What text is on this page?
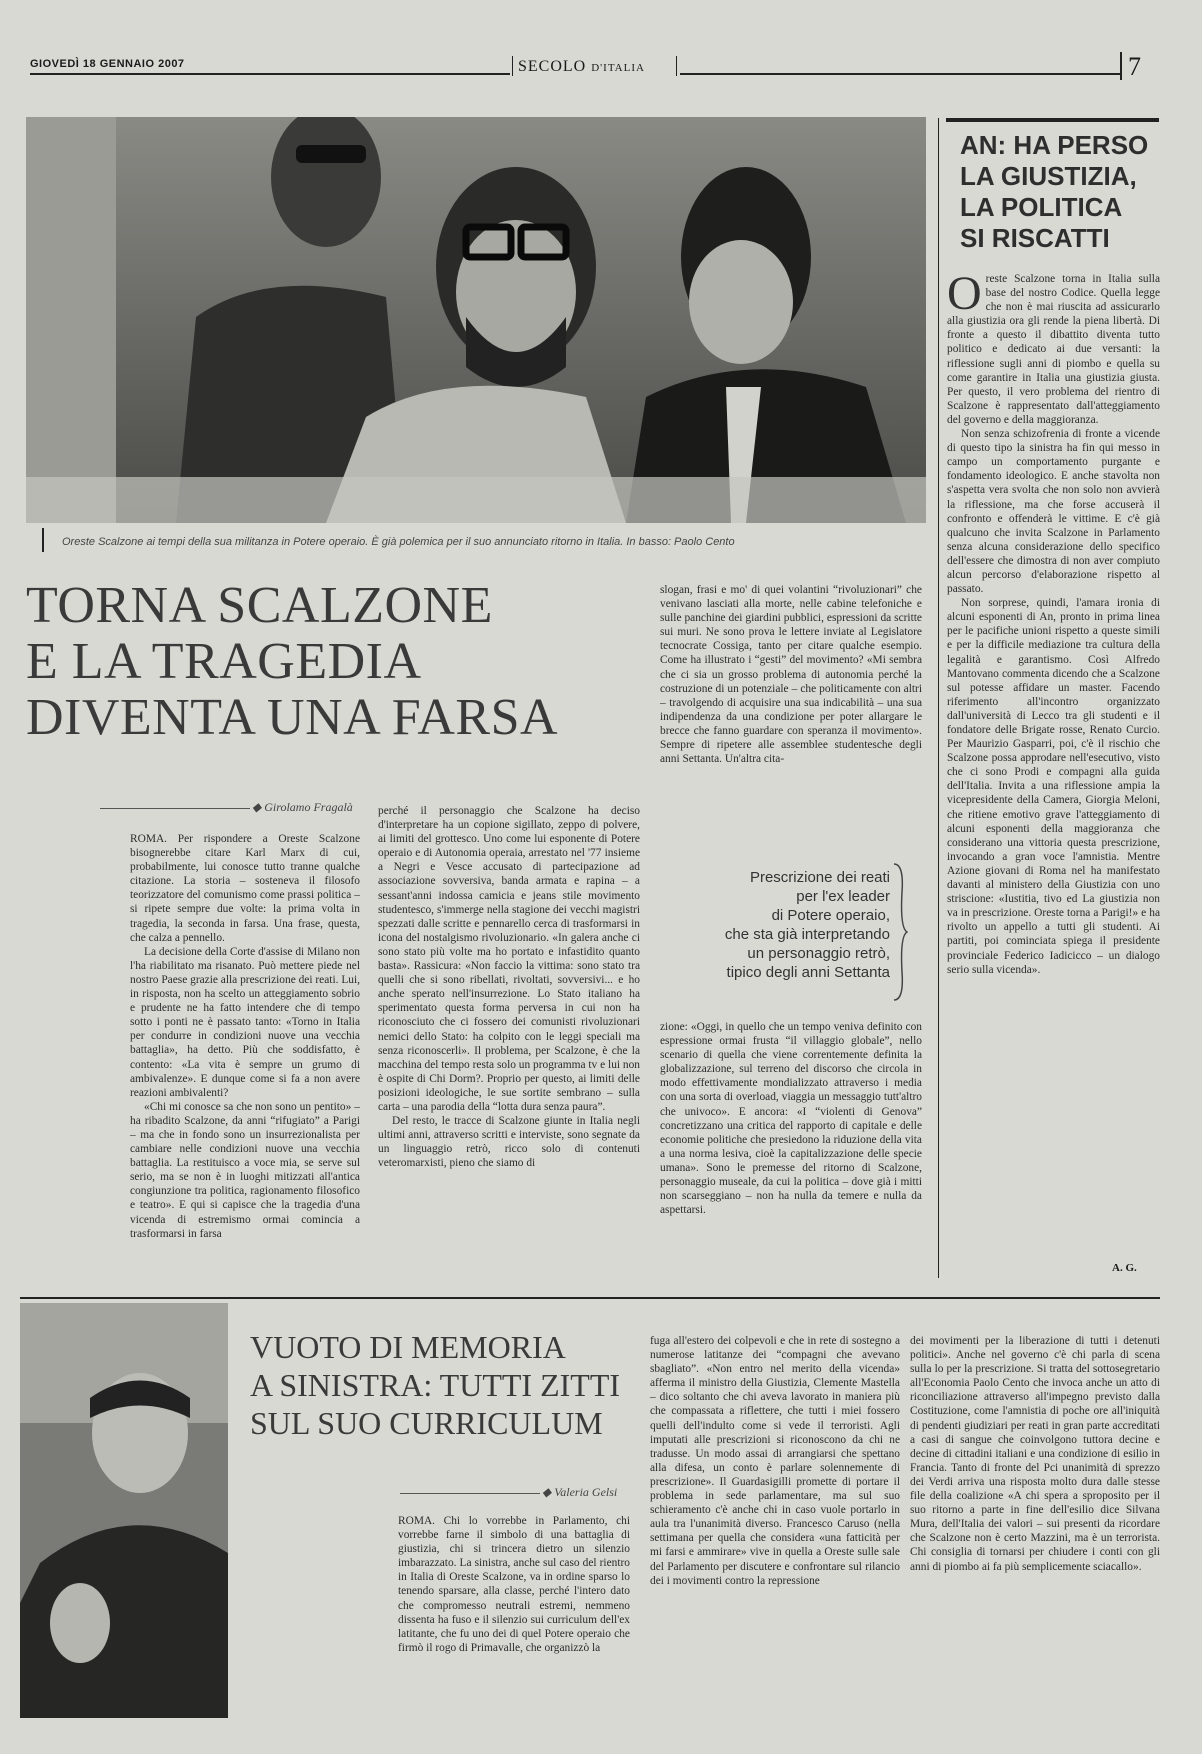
GIOVEDÌ 18 GENNAIO 2007	SECOLO D'ITALIA	7
Oreste Scalzone ai tempi della sua militanza in Potere operaio. È già polemica per il suo annunciato ritorno in Italia. In basso: Paolo Cento
TORNA SCALZONE
E LA TRAGEDIA
DIVENTA UNA FARSA
◆ Girolamo Fragalà

ROMA. Per rispondere a Oreste Scalzone bisognerebbe citare Karl Marx di cui, probabilmente, lui conosce tutto tranne qualche citazione. La storia – sosteneva il filosofo teorizzatore del comunismo come prassi politica – si ripete sempre due volte: la prima volta in tragedia, la seconda in farsa. Una frase, questa, che calza a pennello.

La decisione della Corte d'assise di Milano non l'ha riabilitato ma risanato. Può mettere piede nel nostro Paese grazie alla prescrizione dei reati. Lui, in risposta, non ha scelto un atteggiamento sobrio e prudente ne ha fatto intendere che di tempo sotto i ponti ne è passato tanto: «Torno in Italia per condurre in condizioni nuove una vecchia battaglia», ha detto. Più che soddisfatto, è contento: «La vita è sempre un grumo di ambivalenze». E dunque come si fa a non avere reazioni ambivalenti?

«Chi mi conosce sa che non sono un pentito» – ha ribadito Scalzone, da anni “rifugiato” a Parigi – ma che in fondo sono un insurrezionalista per cambiare nelle condizioni nuove una vecchia battaglia. La restituisco a voce mia, se serve sul serio, ma se non è in luoghi mitizzati all'antica congiunzione tra politica, ragionamento filosofico e teatro». E qui si capisce che la tragedia d'una vicenda di estremismo ormai comincia a trasformarsi in farsa

perché il personaggio che Scalzone ha deciso d'interpretare ha un copione sigillato, zeppo di polvere, ai limiti del grottesco. Uno come lui esponente di Potere operaio e di Autonomia operaia, arrestato nel '77 insieme a Negri e Vesce accusato di partecipazione ad associazione sovversiva, banda armata e rapina – a sessant'anni indossa camicia e jeans stile movimento studentesco, s'immerge nella stagione dei vecchi magistri spezzati dalle scritte e pennarello cerca di trasformarsi in icona del nostalgismo rivoluzionario. «In galera anche ci sono stato più volte ma ho portato e infastidito quanto basta». Rassicura: «Non faccio la vittima: sono stato tra quelli che si sono ribellati, rivoltati, sovversivi... e ho anche sperato nell'insurrezione. Lo Stato italiano ha sperimentato questa forma perversa in cui non ha riconosciuto che ci fossero dei comunisti rivoluzionari nemici dello Stato: ha colpito con le leggi speciali ma senza riconoscerli». Il problema, per Scalzone, è che la macchina del tempo resta solo un programma tv e lui non è ospite di Chi Dorm?. Proprio per questo, ai limiti delle posizioni ideologiche, le sue sortite sembrano – sulla carta – una parodia della “lotta dura senza paura”.

Del resto, le tracce di Scalzone giunte in Italia negli ultimi anni, attraverso scritti e interviste, sono segnate da un linguaggio retrò, ricco solo di contenuti veteromarxisti, pieno che siamo di

slogan, frasi e mo' di quei volantini “rivoluzionari” che venivano lasciati alla morte, nelle cabine telefoniche e sulle panchine dei giardini pubblici, espressioni da scritte sui muri. Ne sono prova le lettere inviate al Legislatore tecnocrate Cossiga, tanto per citare qualche esempio. Come ha illustrato i “gesti” del movimento? «Mi sembra che ci sia un grosso problema di autonomia perché la costruzione di un potenziale – che politicamente con altri – travolgendo di acquisire una sua indicabilità – una sua indipendenza da una condizione per poter allargare le brecce che fanno guardare con speranza il movimento». Sempre di ripetere alle assemblee studentesche degli anni Settanta. Un'altra cita-

Prescrizione dei reati
per l'ex leader
di Potere operaio,
che sta già interpretando
un personaggio retrò,
tipico degli anni Settanta

zione: «Oggi, in quello che un tempo veniva definito con espressione ormai frusta “il villaggio globale”, nello scenario di quella che viene correntemente definita la globalizzazione, sul terreno del discorso che circola in modo effettivamente mondializzato attraverso i media con una sorta di overload, viaggia un messaggio tutt'altro che univoco». E ancora: «I “violenti di Genova” concretizzano una critica del rapporto di capitale e delle economie politiche che presiedono la riduzione della vita a una norma lesiva, cioè la capitalizzazione delle specie umana». Sono le premesse del ritorno di Scalzone, personaggio museale, da cui la politica – dove già i mitti non scarseggiano – non ha nulla da temere e nulla da aspettarsi.

AN: HA PERSO
LA GIUSTIZIA,
LA POLITICA
SI RISCATTI

Oreste Scalzone torna in Italia sulla base del nostro Codice. Quella legge che non è mai riuscita ad assicurarlo alla giustizia ora gli rende la piena libertà. Di fronte a questo il dibattito diventa tutto politico e dedicato ai due versanti: la riflessione sugli anni di piombo e quella su come garantire in Italia una giustizia giusta. Per questo, il vero problema del rientro di Scalzone è rappresentato dall'atteggiamento del governo e della maggioranza.

Non senza schizofrenia di fronte a vicende di questo tipo la sinistra ha fin qui messo in campo un comportamento purgante e fondamento ideologico. E anche stavolta non s'aspetta vera svolta che non solo non avvierà la riflessione, ma che forse accuserà il confronto e offenderà le vittime. E c'è già qualcuno che invita Scalzone in Parlamento senza alcuna considerazione dello specifico dell'essere che dimostra di non aver compiuto alcun percorso d'elaborazione rispetto al passato.

Non sorprese, quindi, l'amara ironia di alcuni esponenti di An, pronto in prima linea per le pacifiche unioni rispetto a queste simili e per la difficile mediazione tra cultura della legalità e garantismo. Così Alfredo Mantovano commenta dicendo che a Scalzone sul potesse affidare un master. Facendo riferimento all'incontro organizzato dall'università di Lecco tra gli studenti e il fondatore delle Brigate rosse, Renato Curcio. Per Maurizio Gasparri, poi, c'è il rischio che Scalzone possa approdare nell'esecutivo, visto che ci sono Prodi e compagni alla guida dell'Italia. Invita a una riflessione ampia la vicepresidente della Camera, Giorgia Meloni, che ritiene emotivo grave l'atteggiamento di alcuni esponenti della maggioranza che considerano una vittoria questa prescrizione, invocando a gran voce l'amnistia. Mentre Azione giovani di Roma nel ha manifestato davanti al ministero della Giustizia con uno striscione: «Iustitia, tivo ed La giustizia non va in prescrizione. Oreste torna a Parigi!» e ha rivolto un appello a tutti gli studenti. Ai partiti, poi cominciata spiega il presidente provinciale Federico Iadicicco – un dialogo serio sulla vicenda».

A. G.
VUOTO DI MEMORIA
A SINISTRA: TUTTI ZITTI
SUL SUO CURRICULUM
◆ Valeria Gelsi

ROMA. Chi lo vorrebbe in Parlamento, chi vorrebbe farne il simbolo di una battaglia di giustizia, chi si trincera dietro un silenzio imbarazzato. La sinistra, anche sul caso del rientro in Italia di Oreste Scalzone, va in ordine sparso lo tenendo sparsare, alla classe, perché l'intero dato che compromesso neutrali estremi, nemmeno dissenta ha fuso e il silenzio sui curriculum dell'ex latitante, che fu uno dei di quel Potere operaio che firmò il rogo di Primavalle, che organizzò la

fuga all'estero dei colpevoli e che in rete di sostegno a numerose latitanze dei “compagni che avevano sbagliato”. «Non entro nel merito della vicenda» afferma il ministro della Giustizia, Clemente Mastella – dico soltanto che chi aveva lavorato in maniera più che compassata a riflettere, che tutti i miei fossero quelli dell'indulto come si vede il terroristi. Agli imputati alle prescrizioni si riconoscono da chi ne tradusse. Un modo assai di arrangiarsi che spettano alla difesa, un conto è parlare solennemente di prescrizione». Il Guardasigilli promette di portare il problema in sede parlamentare, ma sul suo schieramento c'è anche chi in caso vuole portarlo in aula tra l'unanimità diverso. Francesco Caruso (nella settimana per quella che considera «una fatticità per mi farsi e ammirare» vive in quella a Oreste sulle sale del Parlamento per discutere e confrontare sul rilancio dei i movimenti contro la repressione

dei movimenti per la liberazione di tutti i detenuti politici». Anche nel governo c'è chi parla di scena sulla lo per la prescrizione. Si tratta del sottosegretario all'Economia Paolo Cento che invoca anche un atto di riconciliazione attraverso all'impegno previsto dalla Costituzione, come l'amnistia di poche ore all'iniquità di pendenti giudiziari per reati in gran parte accreditati a casi di sangue che coinvolgono tuttora decine e decine di cittadini italiani e una condizione di esilio in Francia. Tanto di fronte del Pci unanimità di sprezzo dei Verdi arriva una risposta molto dura dalle stesse file della coalizione «A chi spera a sproposito per il suo ritorno a parte in fine dell'esilio dice Silvana Mura, dell'Italia dei valori – sui presenti da ricordare che Scalzone non è certo Mazzini, ma è un terrorista. Chi consiglia di tornarsi per chiudere i conti con gli anni di piombo ai fa più semplicemente sciacallo».
